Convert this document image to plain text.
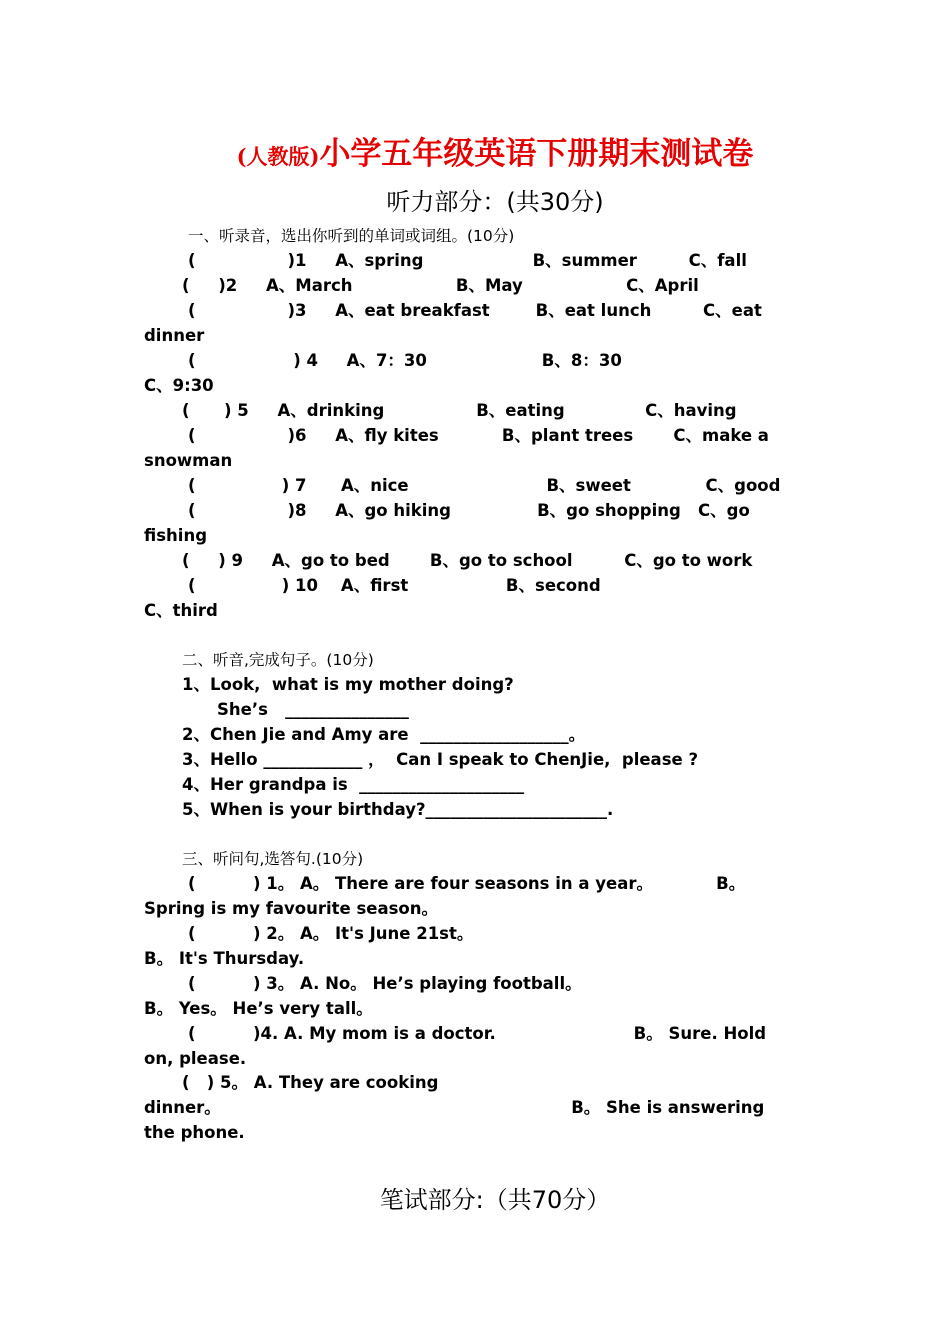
(人教版)小学五年级英语下册期末测试卷
听力部分：(共30分)
一、听录音，选出你听到的单词或词组。(10分)
(                )1     A、spring                   B、summer         C、fall
(     )2     A、March                  B、May                  C、April
(                )3     A、eat breakfast        B、eat lunch         C、eat
dinner
(                 ) 4     A、7：30                    B、8：30
C、9:30
(      ) 5     A、drinking                B、eating              C、having
(                )6     A、fly kites           B、plant trees       C、make a
snowman
(               ) 7      A、nice                        B、sweet             C、good
(                )8     A、go hiking               B、go shopping   C、go
fishing
(     ) 9     A、go to bed       B、go to school         C、go to work
(               ) 10    A、first                 B、second
C、third
二、听音,完成句子。(10分)
1、Look,  what is my mother doing?
She’s   _______________
2、Chen Jie and Amy are  __________________。
3、Hello ____________ ，  Can I speak to ChenJie,  please ?
4、Her grandpa is  ____________________
5、When is your birthday?______________________.
三、听问句,选答句.(10分)
(          ) 1。 A。 There are four seasons in a year。           B。
Spring is my favourite season。
(          ) 2。 A。 It's June 21st。
B。 It's Thursday.
(          ) 3。 A. No。 He’s playing football。
B。 Yes。 He’s very tall。
(          )4. A. My mom is a doctor.                        B。 Sure. Hold
on, please.
(   ) 5。 A. They are cooking
dinner。                                                             B。 She is answering
the phone.
笔试部分:（共70分）
